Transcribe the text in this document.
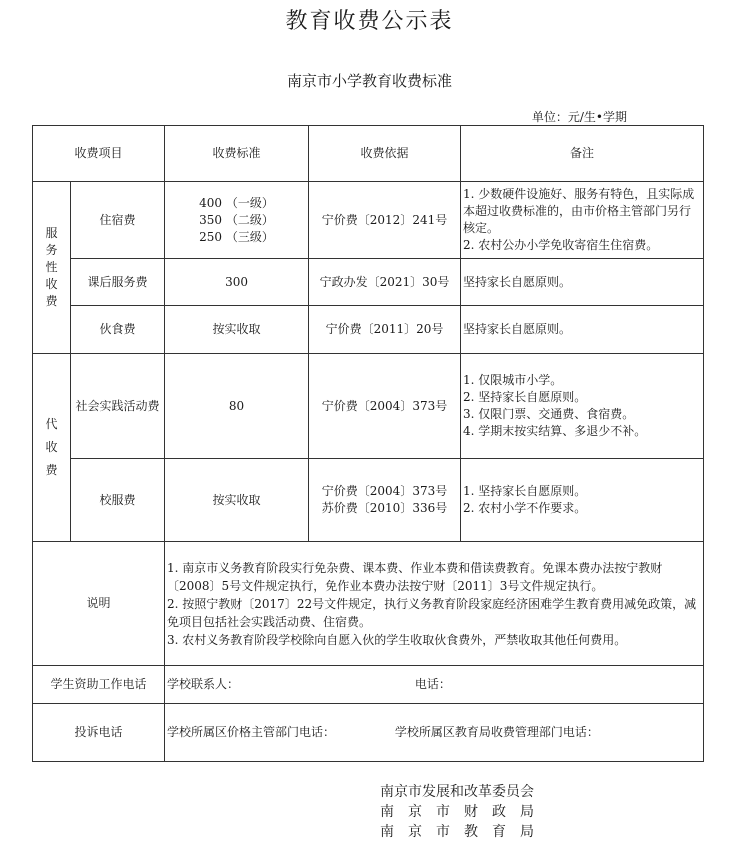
教育收费公示表
南京市小学教育收费标准
单位：元/生•学期
收费项目		收费标准	收费依据	备注

服
务
性
收
费	住宿费	400 （一级）
350 （二级）
250 （三级）	宁价费〔2012〕241号	1. 少数硬件设施好、服务有特色，且实际成本超过收费标准的，由市价格主管部门另行核定。
2. 农村公办小学免收寄宿生住宿费。

	课后服务费	300	宁政办发〔2021〕30号	坚持家长自愿原则。
	伙食费	按实收取	宁价费〔2011〕20号	坚持家长自愿原则。

代
收
费	社会实践活动费	80	宁价费〔2004〕373号	1. 仅限城市小学。
2. 坚持家长自愿原则。
3. 仅限门票、交通费、食宿费。
4. 学期末按实结算、多退少不补。

	校服费	按实收取	宁价费〔2004〕373号
苏价费〔2010〕336号	1. 坚持家长自愿原则。
2. 农村小学不作要求。

说明		1. 南京市义务教育阶段实行免杂费、课本费、作业本费和借读费教育。免课本费办法按宁教财〔2008〕5号文件规定执行，免作业本费办法按宁财〔2011〕3号文件规定执行。
2. 按照宁教财〔2017〕22号文件规定，执行义务教育阶段家庭经济困难学生教育费用减免政策，减免项目包括社会实践活动费、住宿费。
3. 农村义务教育阶段学校除向自愿入伙的学生收取伙食费外，严禁收取其他任何费用。		

学生资助工作电话		学校联系人： 电话：		
投诉电话		学校所属区价格主管部门电话： 学校所属区教育局收费管理部门电话：		
南京市发展和改革委员会
南 京 市 财 政 局
南 京 市 教 育 局
